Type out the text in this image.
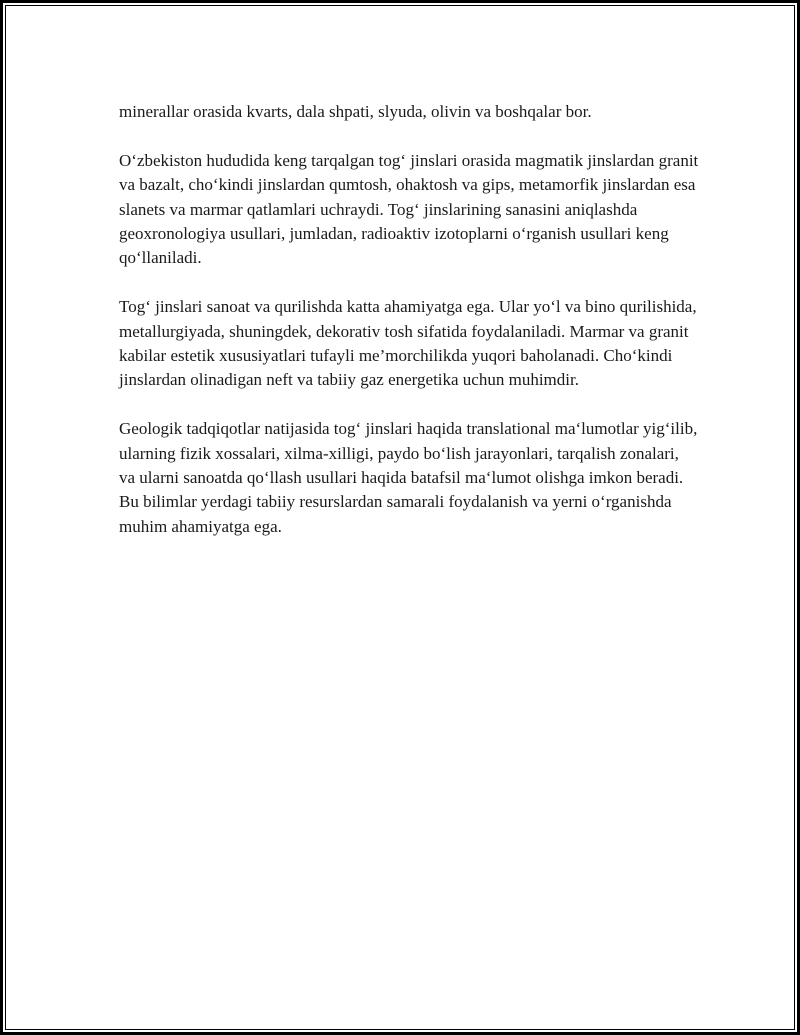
minerallar orasida kvarts, dala shpati, slyuda, olivin va boshqalar bor.

O‘zbekiston hududida keng tarqalgan tog‘ jinslari orasida magmatik jinslardan granit va bazalt, cho‘kindi jinslardan qumtosh, ohaktosh va gips, metamorfik jinslardan esa slanets va marmar qatlamlari uchraydi. Tog‘ jinslarining sanasini aniqlashda geoxronologiya usullari, jumladan, radioaktiv izotoplarni o‘rganish usullari keng qo‘llaniladi.

Tog‘ jinslari sanoat va qurilishda katta ahamiyatga ega. Ular yo‘l va bino qurilishida, metallurgiyada, shuningdek, dekorativ tosh sifatida foydalaniladi. Marmar va granit kabilar estetik xususiyatlari tufayli me’morchilikda yuqori baholanadi. Cho‘kindi jinslardan olinadigan neft va tabiiy gaz energetika uchun muhimdir.

Geologik tadqiqotlar natijasida tog‘ jinslari haqida translational ma‘lumotlar yig‘ilib, ularning fizik xossalari, xilma-xilligi, paydo bo‘lish jarayonlari, tarqalish zonalari, va ularni sanoatda qo‘llash usullari haqida batafsil ma‘lumot olishga imkon beradi. Bu bilimlar yerdagi tabiiy resurslardan samarali foydalanish va yerni o‘rganishda muhim ahamiyatga ega.
